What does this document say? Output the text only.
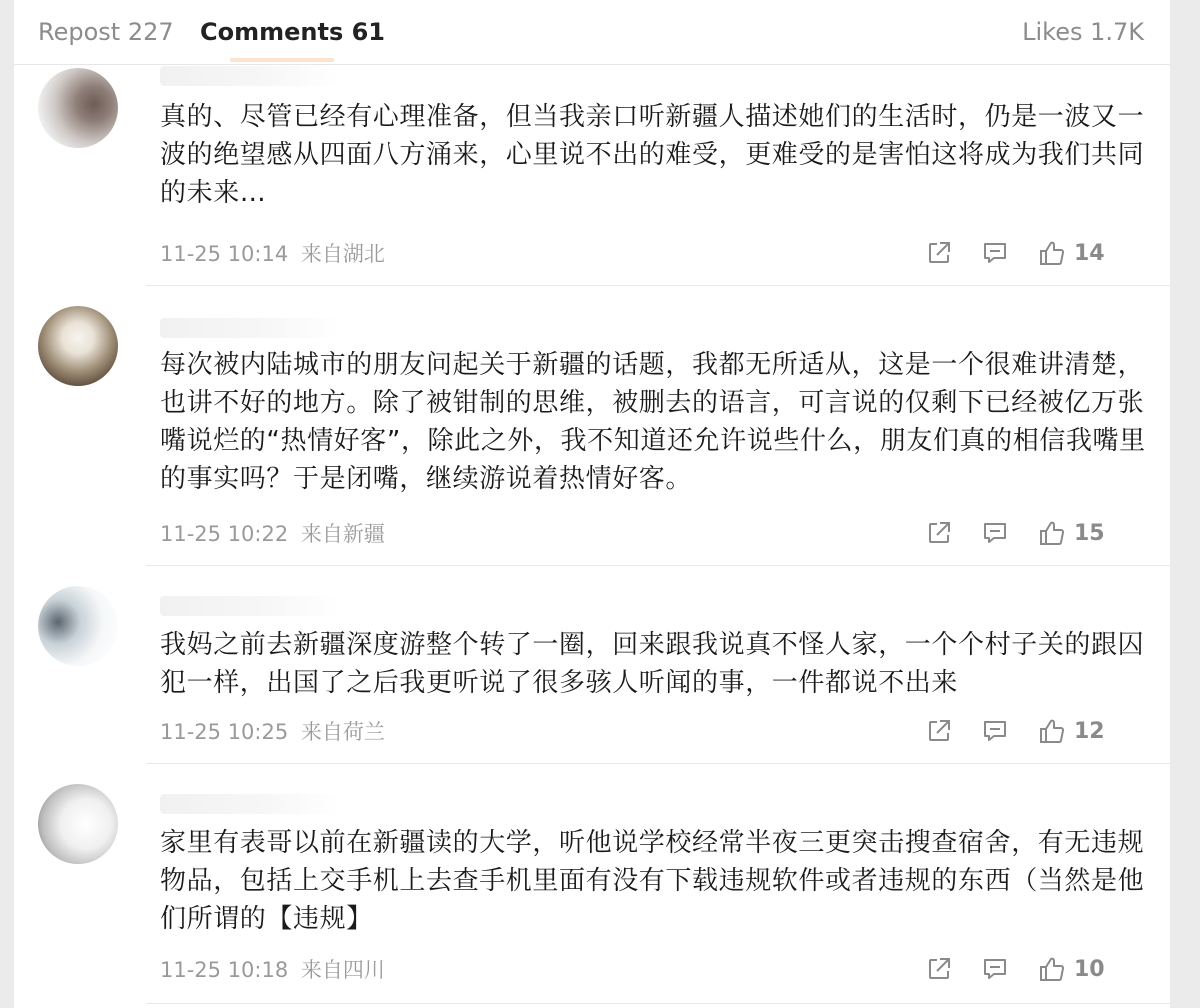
Repost 227 Comments 61	Likes 1.7K

真的、尽管已经有心理准备，但当我亲口听新疆人描述她们的生活时，仍是一波又一波的绝望感从四面八方涌来，心里说不出的难受，更难受的是害怕这将成为我们共同的未来…

11-25 10:14 来自湖北	14

每次被内陆城市的朋友问起关于新疆的话题，我都无所适从，这是一个很难讲清楚，也讲不好的地方。除了被钳制的思维，被删去的语言，可言说的仅剩下已经被亿万张嘴说烂的“热情好客”，除此之外，我不知道还允许说些什么，朋友们真的相信我嘴里的事实吗？于是闭嘴，继续游说着热情好客。

11-25 10:22 来自新疆	15

我妈之前去新疆深度游整个转了一圈，回来跟我说真不怪人家，一个个村子关的跟囚犯一样，出国了之后我更听说了很多骇人听闻的事，一件都说不出来

11-25 10:25 来自荷兰	12

家里有表哥以前在新疆读的大学，听他说学校经常半夜三更突击搜查宿舍，有无违规物品，包括上交手机上去查手机里面有没有下载违规软件或者违规的东西（当然是他们所谓的【违规】

11-25 10:18 来自四川	10
